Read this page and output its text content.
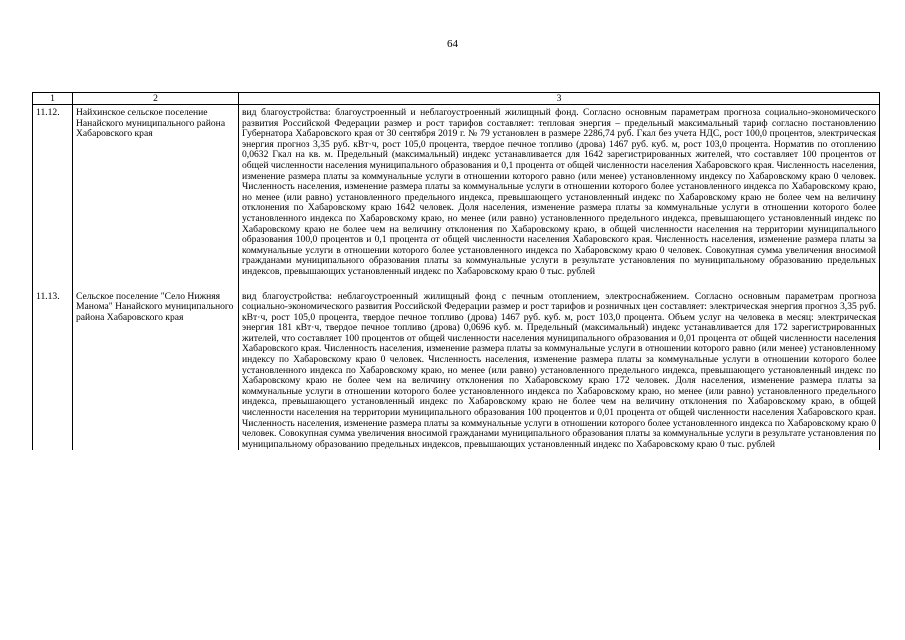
64
1	2	3
11.12.	Найхинское сельское поселение Нанайского муниципального района Хабаровского края	вид благоустройства: благоустроенный и неблагоустроенный жилищный фонд. Согласно основным параметрам прогноза социально-экономического развития Российской Федерации размер и рост тарифов составляет: тепловая энергия – предельный максимальный тариф согласно постановлению Губернатора Хабаровского края от 30 сентября 2019 г. № 79 установлен в размере 2286,74 руб. Гкал без учета НДС, рост 100,0 процентов, электрическая энергия прогноз 3,35 руб. кВт·ч, рост 105,0 процента, твердое печное топливо (дрова) 1467 руб. куб. м, рост 103,0 процента. Норматив по отоплению 0,0632 Гкал на кв. м. Предельный (максимальный) индекс устанавливается для 1642 зарегистрированных жителей, что составляет 100 процентов от общей численности населения муниципального образования и 0,1 процента от общей численности населения Хабаровского края. Численность населения, изменение размера платы за коммунальные услуги в отношении которого равно (или менее) установленному индексу по Хабаровскому краю 0 человек. Численность населения, изменение размера платы за коммунальные услуги в отношении которого более установленного индекса по Хабаровскому краю, но менее (или равно) установленного предельного индекса, превышающего установленный индекс по Хабаровскому краю не более чем на величину отклонения по Хабаровскому краю 1642 человек. Доля населения, изменение размера платы за коммунальные услуги в отношении которого более установленного индекса по Хабаровскому краю, но менее (или равно) установленного предельного индекса, превышающего установленный индекс по Хабаровскому краю не более чем на величину отклонения по Хабаровскому краю, в общей численности населения на территории муниципального образования 100,0 процентов и 0,1 процента от общей численности населения Хабаровского края. Численность населения, изменение размера платы за коммунальные услуги в отношении которого более установленного индекса по Хабаровскому краю 0 человек. Совокупная сумма увеличения вносимой гражданами муниципального образования платы за коммунальные услуги в результате установления по муниципальному образованию предельных индексов, превышающих установленный индекс по Хабаровскому краю 0 тыс. рублей
11.13.	Сельское поселение "Село Нижняя Манома" Нанайского муниципального района Хабаровского края	вид благоустройства: неблагоустроенный жилищный фонд с печным отоплением, электроснабжением. Согласно основным параметрам прогноза социально-экономического развития Российской Федерации размер и рост тарифов и розничных цен составляет: электрическая энергия прогноз 3,35 руб. кВт·ч, рост 105,0 процента, твердое печное топливо (дрова) 1467 руб. куб. м, рост 103,0 процента. Объем услуг на человека в месяц: электрическая энергия 181 кВт·ч, твердое печное топливо (дрова) 0,0696 куб. м. Предельный (максимальный) индекс устанавливается для 172 зарегистрированных жителей, что составляет 100 процентов от общей численности населения муниципального образования и 0,01 процента от общей численности населения Хабаровского края. Численность населения, изменение размера платы за коммунальные услуги в отношении которого равно (или менее) установленному индексу по Хабаровскому краю 0 человек. Численность населения, изменение размера платы за коммунальные услуги в отношении которого более установленного индекса по Хабаровскому краю, но менее (или равно) установленного предельного индекса, превышающего установленный индекс по Хабаровскому краю не более чем на величину отклонения по Хабаровскому краю 172 человек. Доля населения, изменение размера платы за коммунальные услуги в отношении которого более установленного индекса по Хабаровскому краю, но менее (или равно) установленного предельного индекса, превышающего установленный индекс по Хабаровскому краю не более чем на величину отклонения по Хабаровскому краю, в общей численности населения на территории муниципального образования 100 процентов и 0,01 процента от общей численности населения Хабаровского края. Численность населения, изменение размера платы за коммунальные услуги в отношении которого более установленного индекса по Хабаровскому краю 0 человек. Совокупная сумма увеличения вносимой гражданами муниципального образования платы за коммунальные услуги в результате установления по муниципальному образованию предельных индексов, превышающих установленный индекс по Хабаровскому краю 0 тыс. рублей
